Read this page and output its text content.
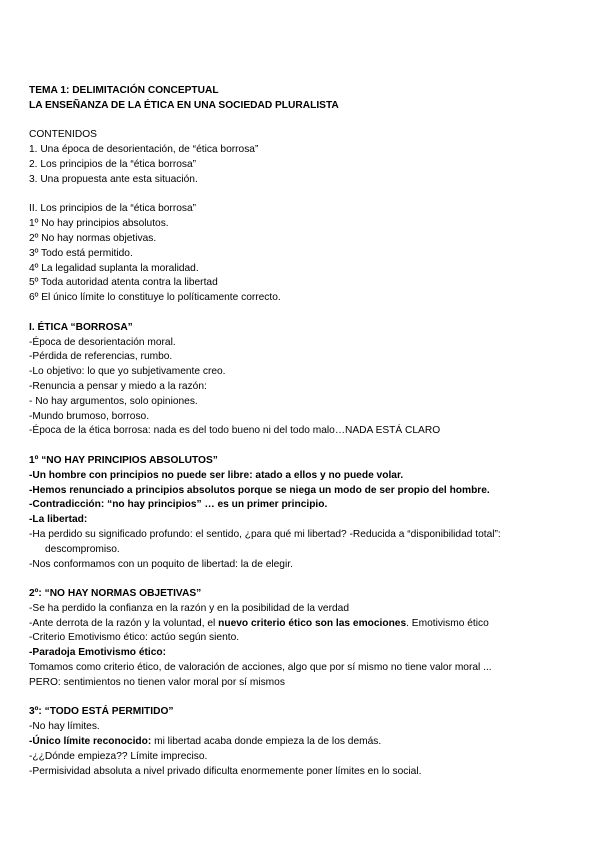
TEMA 1: DELIMITACIÓN CONCEPTUAL
LA ENSEÑANZA DE LA ÉTICA EN UNA SOCIEDAD PLURALISTA
CONTENIDOS
1. Una época de desorientación, de “ética borrosa”
2. Los principios de la “ética borrosa”
3. Una propuesta ante esta situación.
II. Los principios de la “ética borrosa”
1º No hay principios absolutos.
2º No hay normas objetivas.
3º Todo está permitido.
4º La legalidad suplanta la moralidad.
5º Toda autoridad atenta contra la libertad
6º El único límite lo constituye lo políticamente correcto.
I. ÉTICA “BORROSA”
-Época de desorientación moral.
-Pérdida de referencias, rumbo.
-Lo objetivo: lo que yo subjetivamente creo.
-Renuncia a pensar y miedo a la razón:
- No hay argumentos, solo opiniones.
-Mundo brumoso, borroso.
-Época de la ética borrosa: nada es del todo bueno ni del todo malo…NADA ESTÁ CLARO
1º “NO HAY PRINCIPIOS ABSOLUTOS”
-Un hombre con principios no puede ser libre: atado a ellos y no puede volar.
-Hemos renunciado a principios absolutos porque se niega un modo de ser propio del hombre.
-Contradicción: “no hay principios” … es un primer principio.
-La libertad:
-Ha perdido su significado profundo: el sentido, ¿para qué mi libertad? -Reducida a “disponibilidad total”:
descompromiso.
-Nos conformamos con un poquito de libertad: la de elegir.
2º: “NO HAY NORMAS OBJETIVAS”
-Se ha perdido la confianza en la razón y en la posibilidad de la verdad
-Ante derrota de la razón y la voluntad, el nuevo criterio ético son las emociones. Emotivismo ético
-Criterio Emotivismo ético: actúo según siento.
-Paradoja Emotivismo ético:
Tomamos como criterio ético, de valoración de acciones, algo que por sí mismo no tiene valor moral ...
PERO: sentimientos no tienen valor moral por sí mismos
3º: “TODO ESTÁ PERMITIDO”
-No hay límites.
-Único límite reconocido: mi libertad acaba donde empieza la de los demás.
-¿¿Dónde empieza?? Límite impreciso.
-Permisividad absoluta a nivel privado dificulta enormemente poner límites en lo social.
